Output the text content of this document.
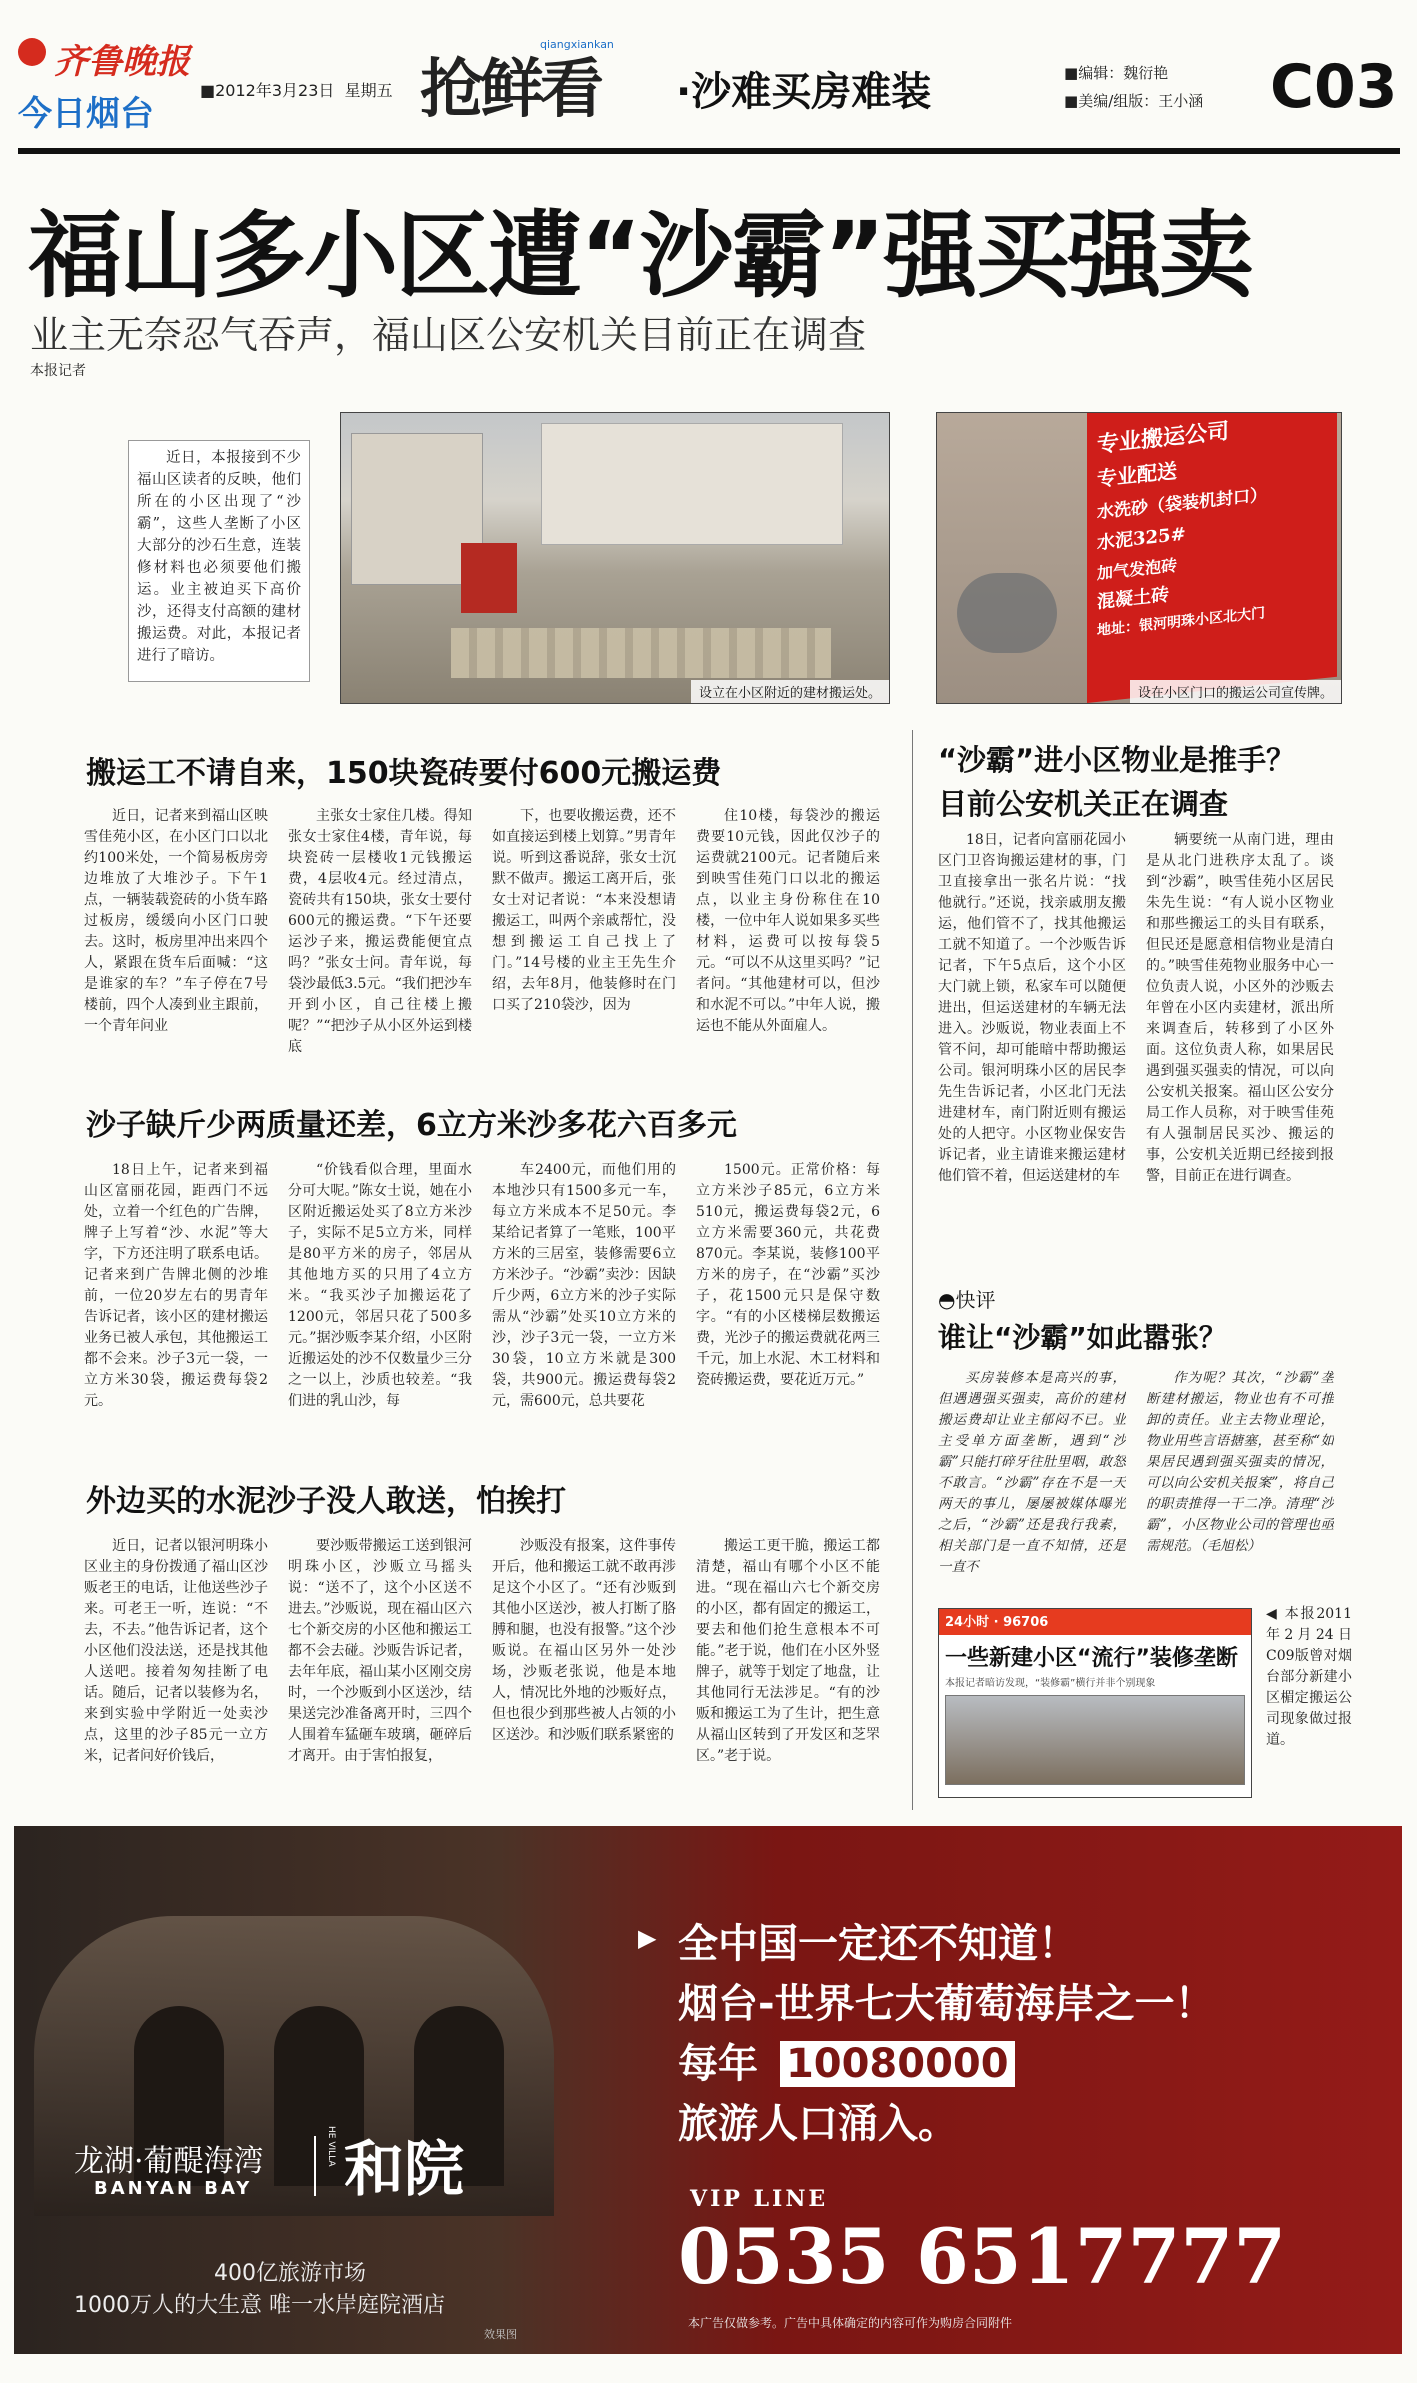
齐鲁晚报
今日烟台
■2012年3月23日 星期五 抢鲜看
qiangxiankan
·沙难买房难装	■编辑：魏衍艳
■美编/组版：王小涵 C03
福山多小区遭“沙霸”强买强卖
业主无奈忍气吞声，福山区公安机关目前正在调查
本报记者
近日，本报接到不少福山区读者的反映，他们所在的小区出现了“沙霸”，这些人垄断了小区大部分的沙石生意，连装修材料也必须要他们搬运。业主被迫买下高价沙，还得支付高额的建材搬运费。对此，本报记者进行了暗访。
设立在小区附近的建材搬运处。
专业搬运公司
专业配送
水洗砂（袋装机封口）
水泥325#
加气发泡砖
混凝土砖
地址：银河明珠小区北大门
设在小区门口的搬运公司宣传牌。
搬运工不请自来，150块瓷砖要付600元搬运费
近日，记者来到福山区映雪佳苑小区，在小区门口以北约100米处，一个简易板房旁边堆放了大堆沙子。下午1点，一辆装载瓷砖的小货车路过板房，缓缓向小区门口驶去。这时，板房里冲出来四个人，紧跟在货车后面喊：“这是谁家的车？”车子停在7号楼前，四个人凑到业主跟前，一个青年问业
主张女士家住几楼。得知张女士家住4楼，青年说，每块瓷砖一层楼收1元钱搬运费，4层收4元。经过清点，瓷砖共有150块，张女士要付600元的搬运费。“下午还要运沙子来，搬运费能便宜点吗？”张女士问。青年说，每袋沙最低3.5元。“我们把沙车开到小区，自己往楼上搬呢？”“把沙子从小区外运到楼底
下，也要收搬运费，还不如直接运到楼上划算。”男青年说。听到这番说辞，张女士沉默不做声。搬运工离开后，张女士对记者说：“本来没想请搬运工，叫两个亲戚帮忙，没想到搬运工自己找上了门。”14号楼的业主王先生介绍，去年8月，他装修时在门口买了210袋沙，因为
住10楼，每袋沙的搬运费要10元钱，因此仅沙子的运费就2100元。记者随后来到映雪佳苑门口以北的搬运点，以业主身份称住在10楼，一位中年人说如果多买些材料，运费可以按每袋5元。“可以不从这里买吗？”记者问。“其他建材可以，但沙和水泥不可以。”中年人说，搬运也不能从外面雇人。
沙子缺斤少两质量还差，6立方米沙多花六百多元
18日上午，记者来到福山区富丽花园，距西门不远处，立着一个红色的广告牌，牌子上写着“沙、水泥”等大字，下方还注明了联系电话。记者来到广告牌北侧的沙堆前，一位20岁左右的男青年告诉记者，该小区的建材搬运业务已被人承包，其他搬运工都不会来。沙子3元一袋，一立方米30袋，搬运费每袋2元。
“价钱看似合理，里面水分可大呢。”陈女士说，她在小区附近搬运处买了8立方米沙子，实际不足5立方米，同样是80平方米的房子，邻居从其他地方买的只用了4立方米。“我买沙子加搬运花了1200元，邻居只花了500多元。”据沙贩李某介绍，小区附近搬运处的沙不仅数量少三分之一以上，沙质也较差。“我们进的乳山沙，每
车2400元，而他们用的本地沙只有1500多元一车，每立方米成本不足50元。李某给记者算了一笔账，100平方米的三居室，装修需要6立方米沙子。“沙霸”卖沙：因缺斤少两，6立方米的沙子实际需从“沙霸”处买10立方米的沙，沙子3元一袋，一立方米30袋，10立方米就是300袋，共900元。搬运费每袋2元，需600元，总共要花
1500元。正常价格：每立方米沙子85元，6立方米510元，搬运费每袋2元，6立方米需要360元，共花费870元。李某说，装修100平方米的房子，在“沙霸”买沙子，花1500元只是保守数字。“有的小区楼梯层数搬运费，光沙子的搬运费就花两三千元，加上水泥、木工材料和瓷砖搬运费，要花近万元。”
外边买的水泥沙子没人敢送，怕挨打
近日，记者以银河明珠小区业主的身份拨通了福山区沙贩老王的电话，让他送些沙子来。可老王一听，连说：“不去，不去。”他告诉记者，这个小区他们没法送，还是找其他人送吧。接着匆匆挂断了电话。随后，记者以装修为名，来到实验中学附近一处卖沙点，这里的沙子85元一立方米，记者问好价钱后，
要沙贩带搬运工送到银河明珠小区，沙贩立马摇头说：“送不了，这个小区送不进去。”沙贩说，现在福山区六七个新交房的小区他和搬运工都不会去碰。沙贩告诉记者，去年年底，福山某小区刚交房时，一个沙贩到小区送沙，结果送完沙准备离开时，三四个人围着车猛砸车玻璃，砸碎后才离开。由于害怕报复，
沙贩没有报案，这件事传开后，他和搬运工就不敢再涉足这个小区了。“还有沙贩到其他小区送沙，被人打断了胳膊和腿，也没有报警。”这个沙贩说。在福山区另外一处沙场，沙贩老张说，他是本地人，情况比外地的沙贩好点，但也很少到那些被人占领的小区送沙。和沙贩们联系紧密的
搬运工更干脆，搬运工都清楚，福山有哪个小区不能进。“现在福山六七个新交房的小区，都有固定的搬运工，要去和他们抢生意根本不可能。”老于说，他们在小区外竖牌子，就等于划定了地盘，让其他同行无法涉足。“有的沙贩和搬运工为了生计，把生意从福山区转到了开发区和芝罘区。”老于说。
“沙霸”进小区物业是推手？
目前公安机关正在调查
18日，记者向富丽花园小区门卫咨询搬运建材的事，门卫直接拿出一张名片说：“找他就行。”还说，找亲戚朋友搬运，他们管不了，找其他搬运工就不知道了。一个沙贩告诉记者，下午5点后，这个小区大门就上锁，私家车可以随便进出，但运送建材的车辆无法进入。沙贩说，物业表面上不管不问，却可能暗中帮助搬运公司。银河明珠小区的居民李先生告诉记者，小区北门无法进建材车，南门附近则有搬运处的人把守。小区物业保安告诉记者，业主请谁来搬运建材他们管不着，但运送建材的车
辆要统一从南门进，理由是从北门进秩序太乱了。谈到“沙霸”，映雪佳苑小区居民朱先生说：“有人说小区物业和那些搬运工的头目有联系，但民还是愿意相信物业是清白的。”映雪佳苑物业服务中心一位负责人说，小区外的沙贩去年曾在小区内卖建材，派出所来调查后，转移到了小区外面。这位负责人称，如果居民遇到强买强卖的情况，可以向公安机关报案。福山区公安分局工作人员称，对于映雪佳苑有人强制居民买沙、搬运的事，公安机关近期已经接到报警，目前正在进行调查。
◓快评
谁让“沙霸”如此嚣张？
买房装修本是高兴的事，但遇遇强买强卖，高价的建材搬运费却让业主郁闷不已。业主受单方面垄断，遇到“沙霸”只能打碎牙往肚里咽，敢怒不敢言。“沙霸”存在不是一天两天的事儿，屡屡被媒体曝光之后，“沙霸”还是我行我素，相关部门是一直不知情，还是一直不
作为呢？其次，“沙霸”垄断建材搬运，物业也有不可推卸的责任。业主去物业理论，物业用些言语搪塞，甚至称“如果居民遇到强买强卖的情况，可以向公安机关报案”，将自己的职责推得一干二净。清理“沙霸”，小区物业公司的管理也亟需规范。（毛旭松）
24小时 · 96706
一些新建小区“流行”装修垄断
本报记者暗访发现，“装修霸”横行并非个别现象
◀ 本报2011年2月24日C09版曾对烟台部分新建小区楣定搬运公司现象做过报道。
龙湖·葡醍海湾
BANYAN BAY 和院
HE VILLA
400亿旅游市场
1000万人的大生意 唯一水岸庭院酒店
效果图
▶ 全中国一定还不知道！
烟台-世界七大葡萄海岸之一！
每年 10080000
旅游人口涌入。
VIP LINE
0535 6517777
本广告仅做参考。广告中具体确定的内容可作为购房合同附件
